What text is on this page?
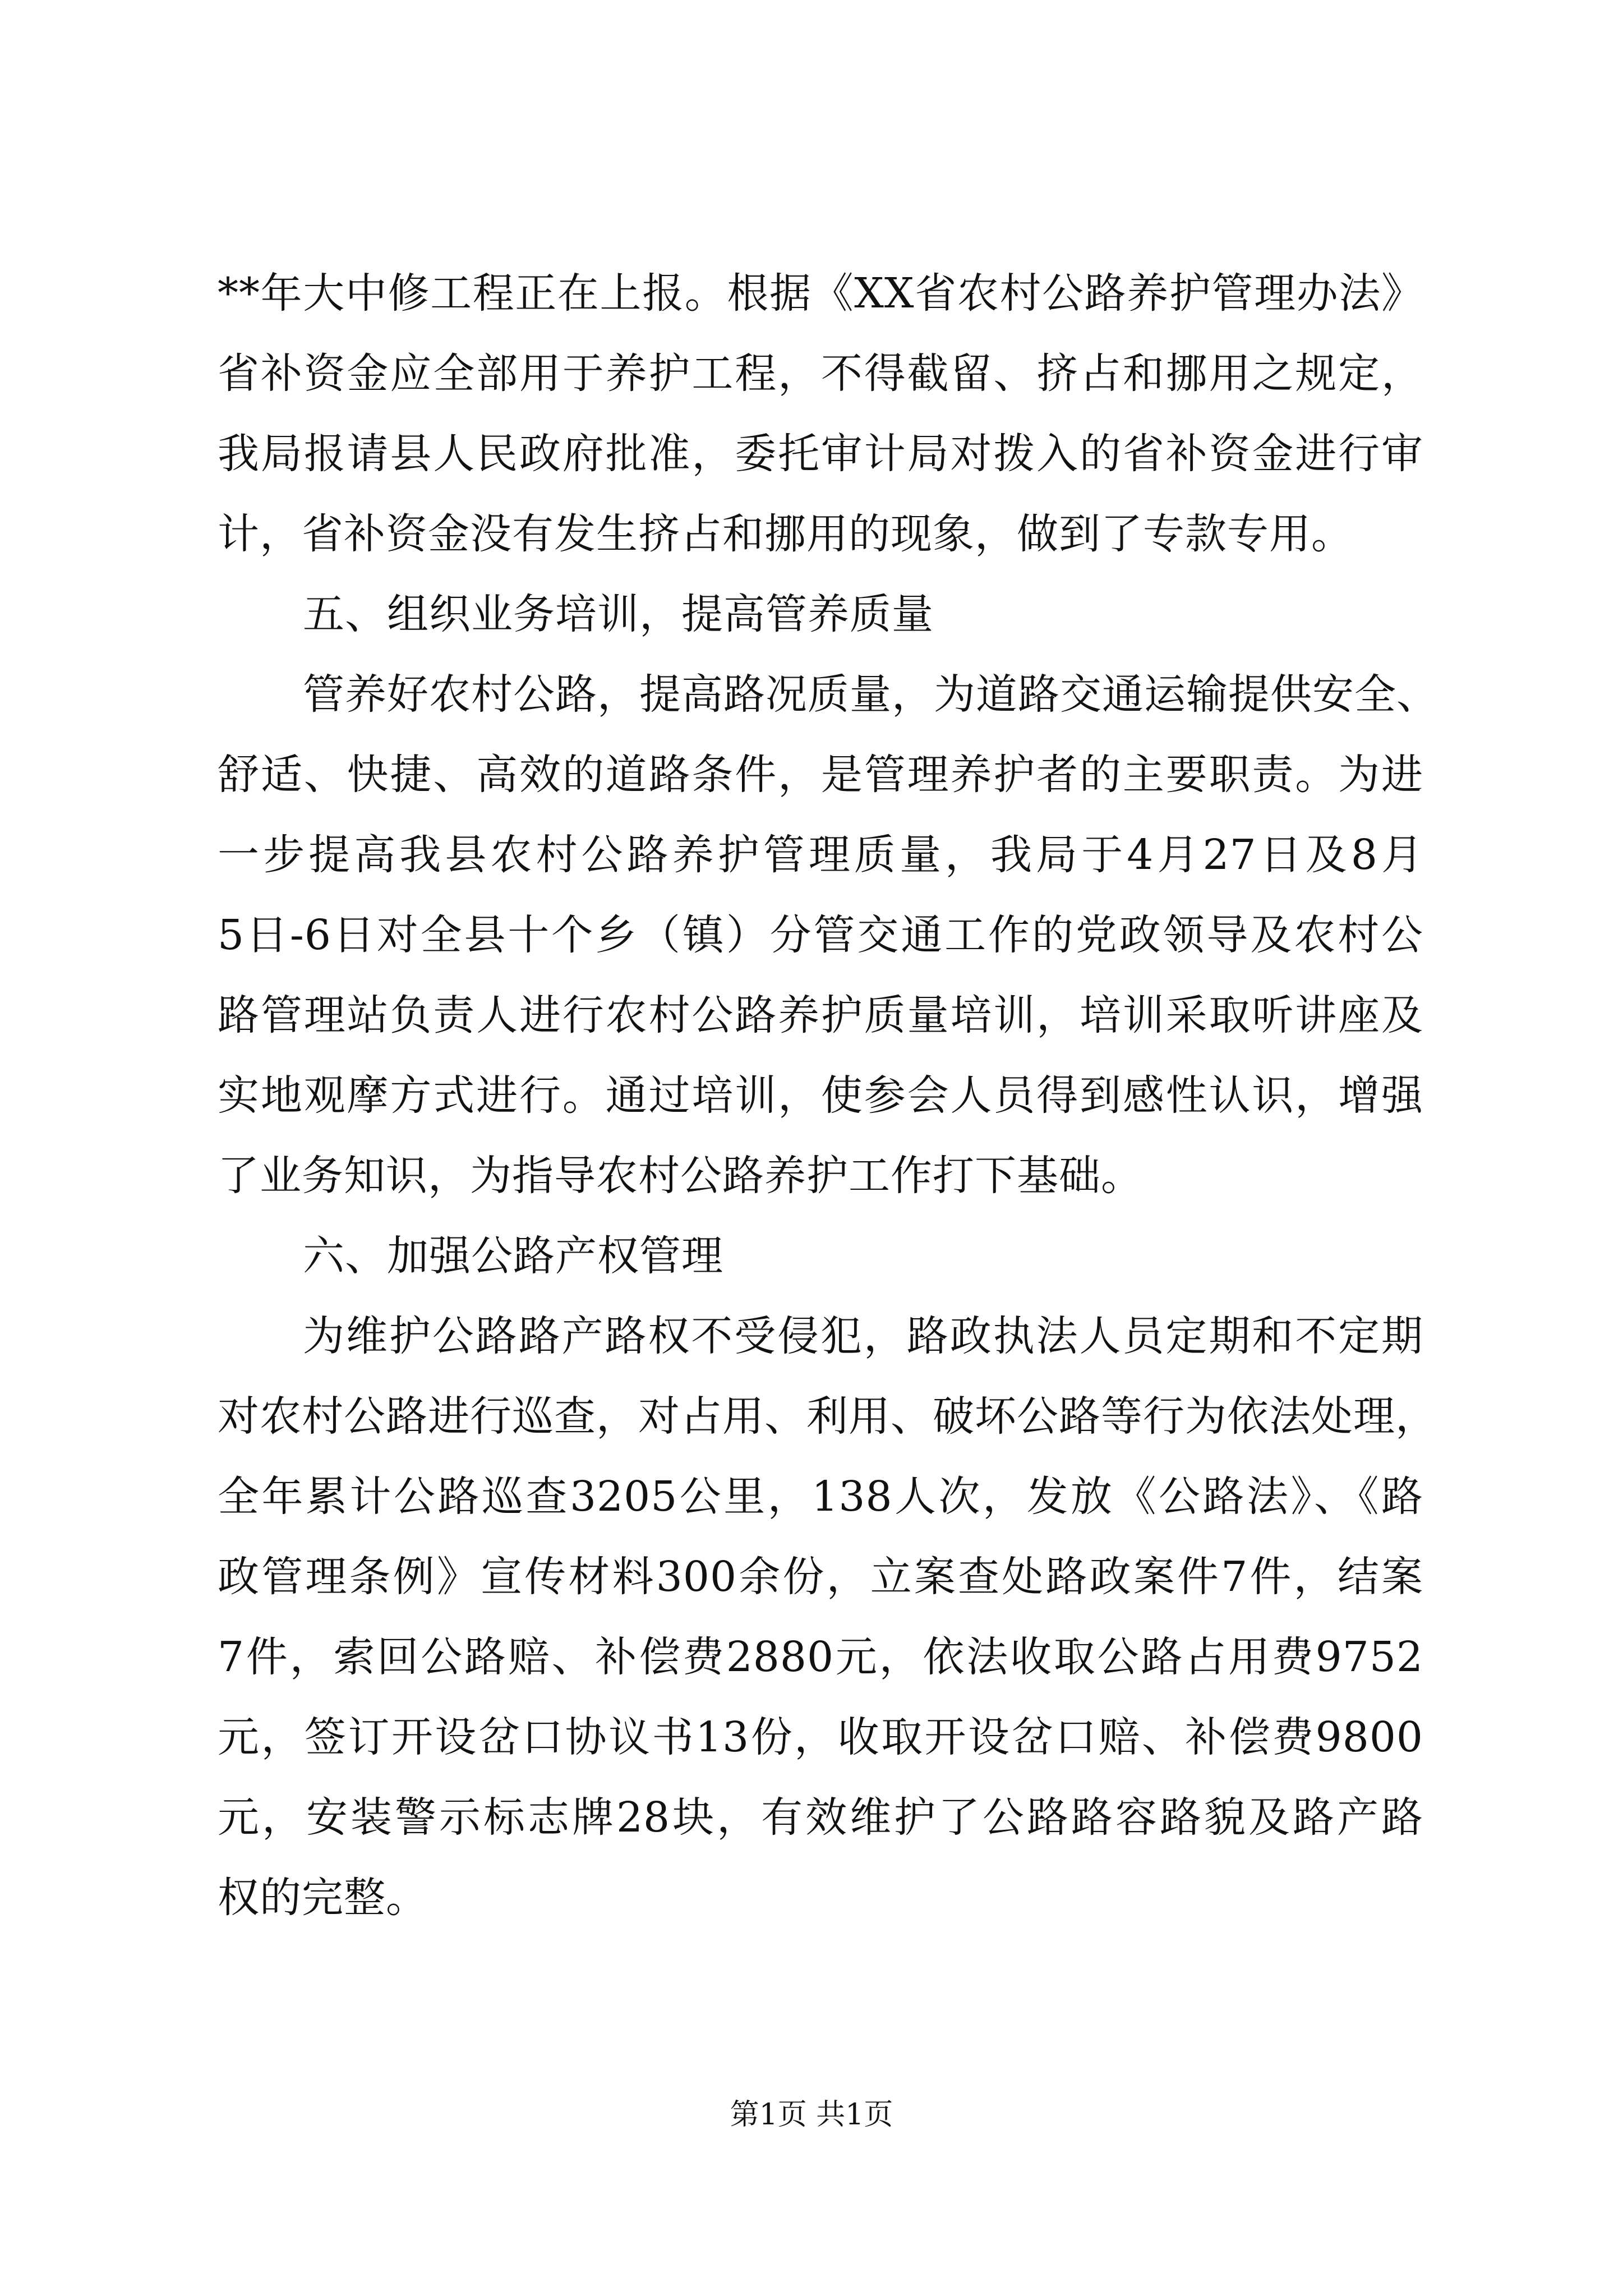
**年大中修工程正在上报。根据《XX省农村公路养护管理办法》
省补资金应全部用于养护工程，不得截留、挤占和挪用之规定，
我局报请县人民政府批准，委托审计局对拨入的省补资金进行审
计，省补资金没有发生挤占和挪用的现象，做到了专款专用。
五、组织业务培训，提高管养质量
管养好农村公路，提高路况质量，为道路交通运输提供安全、
舒适、快捷、高效的道路条件，是管理养护者的主要职责。为进
一步提高我县农村公路养护管理质量，我局于4月27日及8月
5日-6日对全县十个乡（镇）分管交通工作的党政领导及农村公
路管理站负责人进行农村公路养护质量培训，培训采取听讲座及
实地观摩方式进行。通过培训，使参会人员得到感性认识，增强
了业务知识，为指导农村公路养护工作打下基础。
六、加强公路产权管理
为维护公路路产路权不受侵犯，路政执法人员定期和不定期
对农村公路进行巡查，对占用、利用、破坏公路等行为依法处理，
全年累计公路巡查3205公里，138人次，发放《公路法》、《路
政管理条例》宣传材料300余份，立案查处路政案件7件，结案
7件，索回公路赔、补偿费2880元，依法收取公路占用费9752
元，签订开设岔口协议书13份，收取开设岔口赔、补偿费9800
元，安装警示标志牌28块，有效维护了公路路容路貌及路产路
权的完整。
第1页 共1页
